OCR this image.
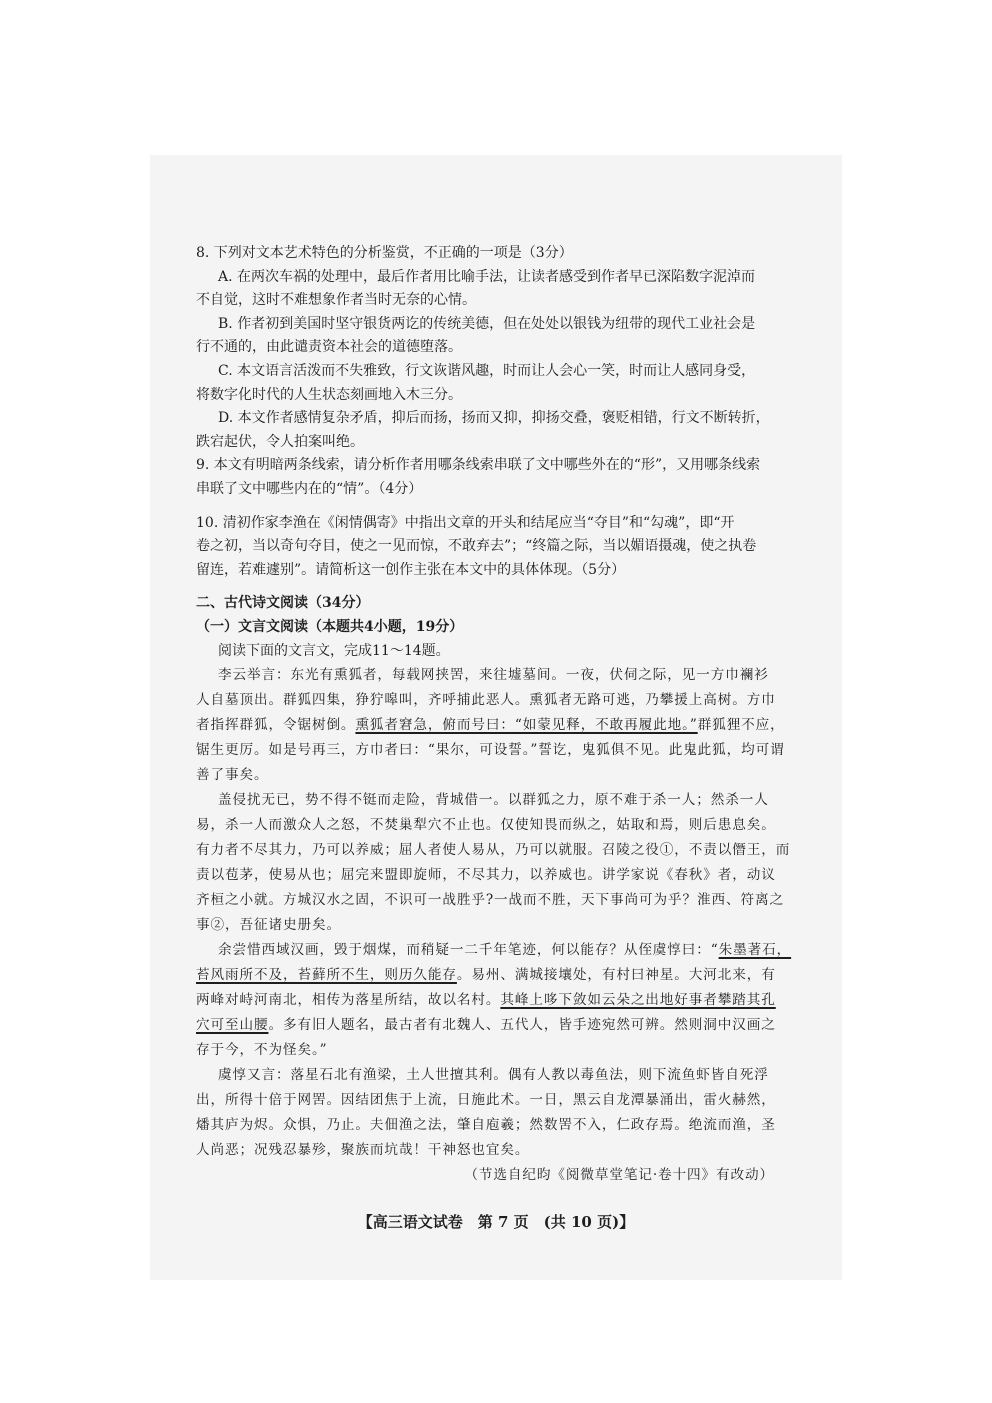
8. 下列对文本艺术特色的分析鉴赏，不正确的一项是（3分）
A. 在两次车祸的处理中，最后作者用比喻手法，让读者感受到作者早已深陷数字泥淖而
不自觉，这时不难想象作者当时无奈的心情。
B. 作者初到美国时坚守银货两讫的传统美德，但在处处以银钱为纽带的现代工业社会是
行不通的，由此谴责资本社会的道德堕落。
C. 本文语言活泼而不失雅致，行文诙谐风趣，时而让人会心一笑，时而让人感同身受，
将数字化时代的人生状态刻画地入木三分。
D. 本文作者感情复杂矛盾，抑后而扬，扬而又抑，抑扬交叠，褒贬相错，行文不断转折，
跌宕起伏，令人拍案叫绝。
9. 本文有明暗两条线索，请分析作者用哪条线索串联了文中哪些外在的“形”，又用哪条线索
串联了文中哪些内在的“情”。（4分）
10. 清初作家李渔在《闲情偶寄》中指出文章的开头和结尾应当“夺目”和“勾魂”，即“开
卷之初，当以奇句夺目，使之一见而惊，不敢弃去”；“终篇之际，当以媚语摄魂，使之执卷
留连，若难遽别”。请简析这一创作主张在本文中的具体体现。（5分）
二、古代诗文阅读（34分）
（一）文言文阅读（本题共4小题，19分）
阅读下面的文言文，完成11～14题。
李云举言：东光有熏狐者，每载网挟罟，来往墟墓间。一夜，伏伺之际，见一方巾襕衫
人自墓顶出。群狐四集，狰狞嗥叫，齐呼捕此恶人。熏狐者无路可逃，乃攀援上高树。方巾
者指挥群狐，令锯树倒。熏狐者窘急，俯而号曰：“如蒙见释，不敢再履此地。”群狐狸不应，
锯生更厉。如是号再三，方巾者曰：“果尔，可设誓。”誓讫，鬼狐俱不见。此鬼此狐，均可谓
善了事矣。
盖侵扰无已，势不得不铤而走险，背城借一。以群狐之力，原不难于杀一人；然杀一人
易，杀一人而激众人之怒，不焚巢犁穴不止也。仅使知畏而纵之，姑取和焉，则后患息矣。
有力者不尽其力，乃可以养威；屈人者使人易从，乃可以就服。召陵之役①，不责以僭王，而
责以苞茅，使易从也；屈完来盟即旋师，不尽其力，以养威也。讲学家说《春秋》者，动议
齐桓之小就。方城汉水之固，不识可一战胜乎?一战而不胜，天下事尚可为乎？淮西、符离之
事②，吾征诸史册矣。
余尝惜西域汉画，毁于烟煤，而稍疑一二千年笔迹，何以能存？从侄虞惇曰：“朱墨著石，
苔风雨所不及，苔藓所不生，则历久能存。易州、满城接壤处，有村曰神星。大河北来，有
两峰对峙河南北，相传为落星所结，故以名村。其峰上哆下敛如云朵之出地好事者攀踏其孔
穴可至山腰。多有旧人题名，最古者有北魏人、五代人，皆手迹宛然可辨。然则洞中汉画之
存于今，不为怪矣。”
虞惇又言：落星石北有渔梁，土人世擅其利。偶有人教以毒鱼法，则下流鱼虾皆自死浮
出，所得十倍于网罟。因结团焦于上流，日施此术。一日，黑云自龙潭暴涌出，雷火赫然，
燔其庐为烬。众惧，乃止。夫佃渔之法，肇自庖羲；然数罟不入，仁政存焉。绝流而渔，圣
人尚恶；况残忍暴殄，聚族而坑哉！干神怒也宜矣。
（节选自纪昀《阅微草堂笔记·卷十四》有改动）
【高三语文试卷　第 7 页　(共 10 页)】
